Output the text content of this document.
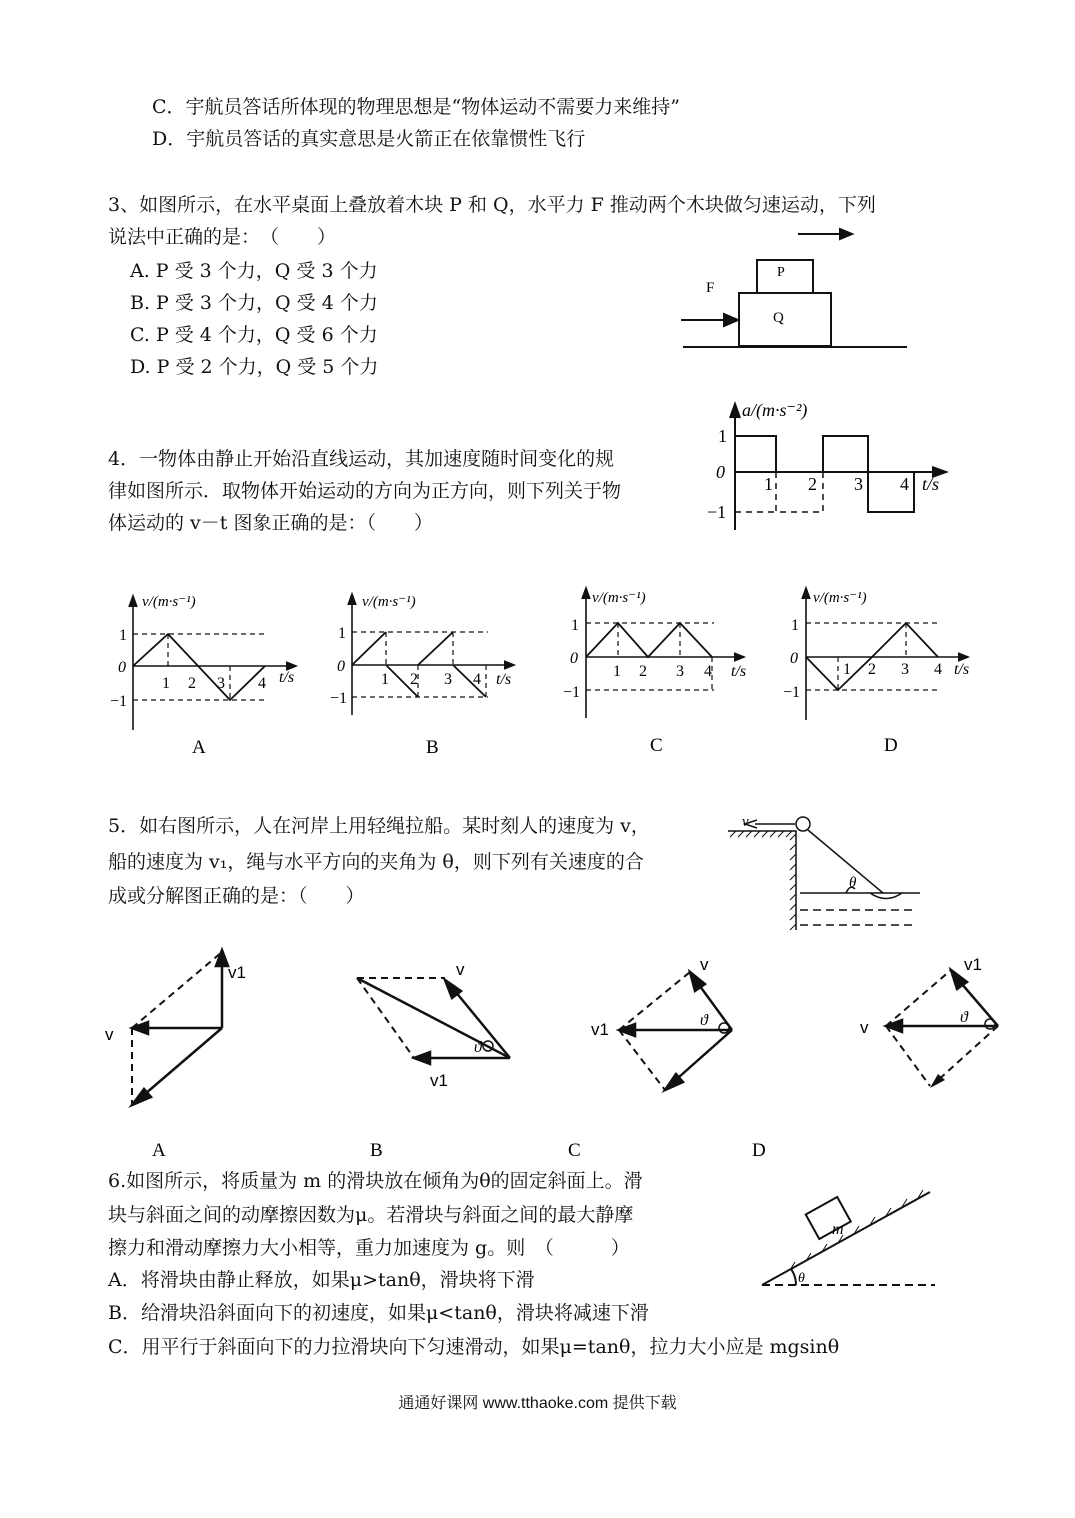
C．宇航员答话所体现的物理思想是“物体运动不需要力来维持”
D．宇航员答话的真实意思是火箭正在依靠惯性飞行
3、如图所示，在水平桌面上叠放着木块 P 和 Q，水平力 F 推动两个木块做匀速运动，下列
说法中正确的是：　（　　）
A. P 受 3 个力，Q 受 3 个力
B. P 受 3 个力，Q 受 4 个力
C. P 受 4 个力，Q 受 6 个力
D. P 受 2 个力，Q 受 5 个力
P
Q
F
4．一物体由静止开始沿直线运动，其加速度随时间变化的规
律如图所示．取物体开始运动的方向为正方向，则下列关于物
体运动的 v－t 图象正确的是：（　　）
a/(m·s⁻²)
1
0
−1
1 2 3 4 t/s
v/(m·s⁻¹)
1
0
−1
1 2 3 4 t/s
A
v/(m·s⁻¹)
1
0
−1
1 2 3 4 t/s
B
v/(m·s⁻¹)
1
0
−1
1 2 3 4 t/s
C
v/(m·s⁻¹)
1
0
−1
1 2 3 4 t/s
D
5．如右图所示，人在河岸上用轻绳拉船。某时刻人的速度为 v，
船的速度为 v₁，绳与水平方向的夹角为 θ，则下列有关速度的合
成或分解图正确的是：（　　）
v
θ
v1
v
A
v
ϑ
v1
B
v
ϑ
v1
C
v1
ϑ
v
D
6.如图所示，将质量为 m 的滑块放在倾角为θ的固定斜面上。滑
块与斜面之间的动摩擦因数为μ。若滑块与斜面之间的最大静摩
擦力和滑动摩擦力大小相等，重力加速度为 g。则　（　　　）
A．将滑块由静止释放，如果μ>tanθ，滑块将下滑
B．给滑块沿斜面向下的初速度，如果μ<tanθ，滑块将减速下滑
C．用平行于斜面向下的力拉滑块向下匀速滑动，如果μ=tanθ，拉力大小应是 mgsinθ
m
θ
通通好课网 www.tthaoke.com 提供下载
